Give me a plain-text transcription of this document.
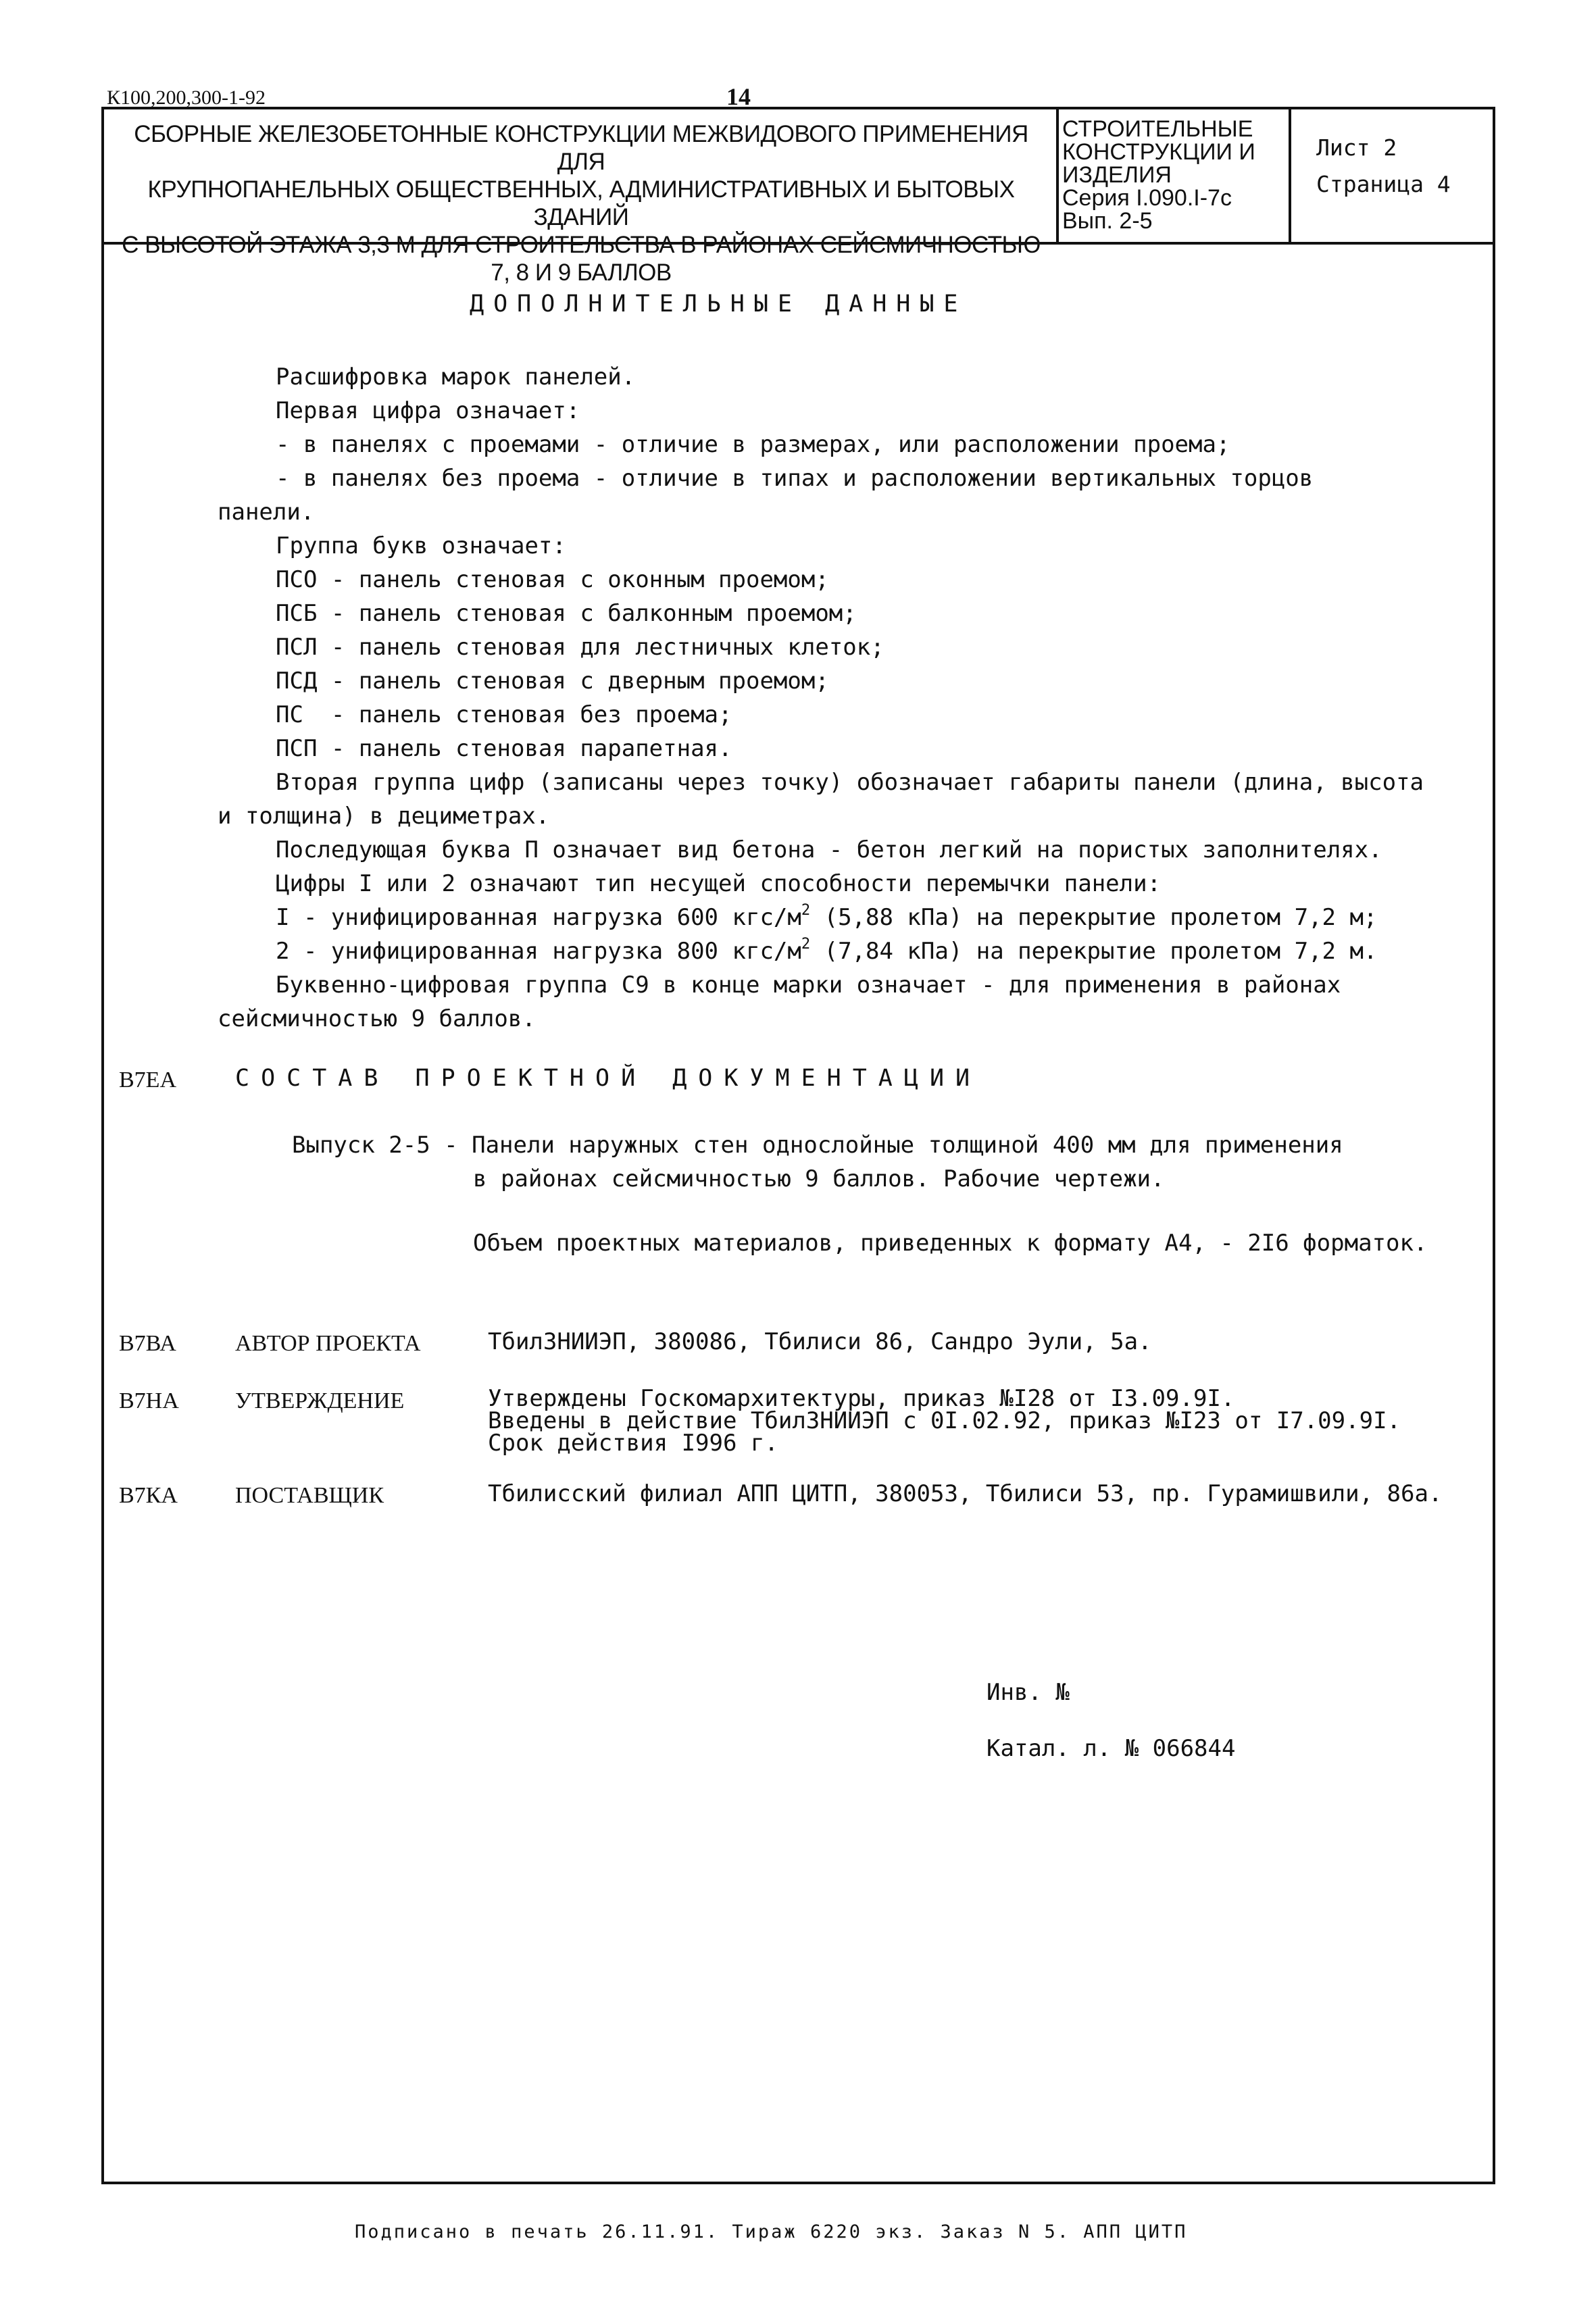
К100,200,300-1-92	14
СБОРНЫЕ ЖЕЛЕЗОБЕТОННЫЕ КОНСТРУКЦИИ МЕЖВИДОВОГО ПРИМЕНЕНИЯ ДЛЯ
КРУПНОПАНЕЛЬНЫХ ОБЩЕСТВЕННЫХ, АДМИНИСТРАТИВНЫХ И БЫТОВЫХ ЗДАНИЙ
С ВЫСОТОЙ ЭТАЖА 3,3 М ДЛЯ СТРОИТЕЛЬСТВА В РАЙОНАХ СЕЙСМИЧНОСТЬЮ
7, 8 И 9 БАЛЛОВ
СТРОИТЕЛЬНЫЕ
КОНСТРУКЦИИ И
ИЗДЕЛИЯ
Серия I.090.I-7с
Вып. 2-5
Лист 2
Страница 4
ДОПОЛНИТЕЛЬНЫЕ ДАННЫЕ
Расшифровка марок панелей.
Первая цифра означает:
- в панелях с проемами - отличие в размерах, или расположении проема;
- в панелях без проема - отличие в типах и расположении вертикальных торцов
панели.
Группа букв означает:
ПСО - панель стеновая с оконным проемом;
ПСБ - панель стеновая с балконным проемом;
ПСЛ - панель стеновая для лестничных клеток;
ПСД - панель стеновая с дверным проемом;
ПС  - панель стеновая без проема;
ПСП - панель стеновая парапетная.
Вторая группа цифр (записаны через точку) обозначает габариты панели (длина, высота
и толщина) в дециметрах.
Последующая буква П означает вид бетона - бетон легкий на пористых заполнителях.
Цифры I или 2 означают тип несущей способности перемычки панели:
I - унифицированная нагрузка 600 кгс/$м^2$ (5,88 кПа) на перекрытие пролетом 7,2 м;
2 - унифицированная нагрузка 800 кгс/$м^2$ (7,84 кПа) на перекрытие пролетом 7,2 м.
Буквенно-цифровая группа С9 в конце марки означает - для применения в районах
сейсмичностью 9 баллов.
В7ЕА СОСТАВ ПРОЕКТНОЙ ДОКУМЕНТАЦИИ
Выпуск 2-5 - Панели наружных стен однослойные толщиной 400 мм для применения
в районах сейсмичностью 9 баллов. Рабочие чертежи.
Объем проектных материалов, приведенных к формату А4, - 2I6 форматок.
В7ВА	АВТОР ПРОЕКТА	ТбилЗНИИЭП, 380086, Тбилиси 86, Сандро Эули, 5а.
В7НА УТВЕРЖДЕНИЕ	Утверждены Госкомархитектуры, приказ №I28 от I3.09.9I.
Введены в действие ТбилЗНИИЭП с 0I.02.92, приказ №I23 от I7.09.9I.
Срок действия I996 г.
В7КА	ПОСТАВЩИК	Тбилисский филиал АПП ЦИТП, 380053, Тбилиси 53, пр. Гурамишвили, 86а.
Инв. №
Катал. л. № 066844
Подписано в печать 26.11.91. Тираж 6220 экз. Заказ N 5. АПП ЦИТП
